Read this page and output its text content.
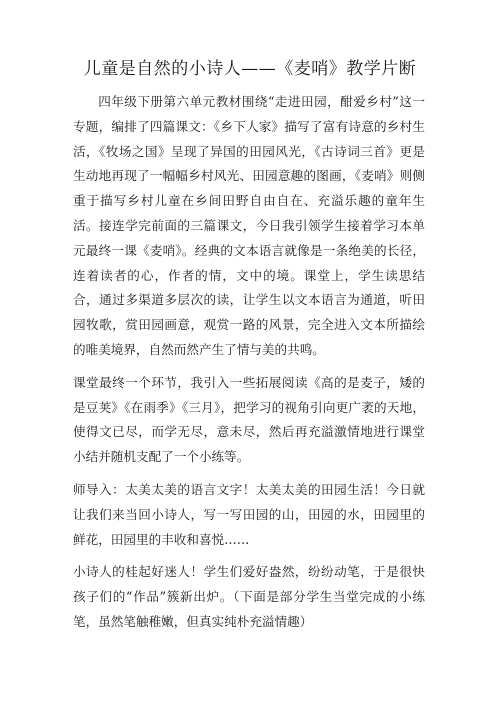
儿童是自然的小诗人——《麦哨》教学片断

四年级下册第六单元教材围绕“走进田园，酣爱乡村”这一专题，编排了四篇课文：《乡下人家》描写了富有诗意的乡村生活，《牧场之国》呈现了异国的田园风光，《古诗词三首》更是生动地再现了一幅幅乡村风光、田园意趣的图画，《麦哨》则侧重于描写乡村儿童在乡间田野自由自在、充溢乐趣的童年生活。接连学完前面的三篇课文，今日我引领学生接着学习本单元最终一课《麦哨》。经典的文本语言就像是一条绝美的长径，连着读者的心，作者的情，文中的境。课堂上，学生读思结合，通过多渠道多层次的读，让学生以文本语言为通道，听田园牧歌，赏田园画意，观赏一路的风景，完全进入文本所描绘的唯美境界，自然而然产生了情与美的共鸣。

课堂最终一个环节，我引入一些拓展阅读《高的是麦子，矮的是豆荚》《在雨季》《三月》，把学习的视角引向更广袤的天地，使得文已尽，而学无尽，意未尽，然后再充溢激情地进行课堂小结并随机支配了一个小练等。

师导入：太美太美的语言文字！太美太美的田园生活！今日就让我们来当回小诗人，写一写田园的山，田园的水，田园里的鲜花，田园里的丰收和喜悦……

小诗人的桂起好迷人！学生们爱好盎然，纷纷动笔，于是很快孩子们的“作品”簇新出炉。（下面是部分学生当堂完成的小练笔，虽然笔触稚嫩，但真实纯朴充溢情趣）
